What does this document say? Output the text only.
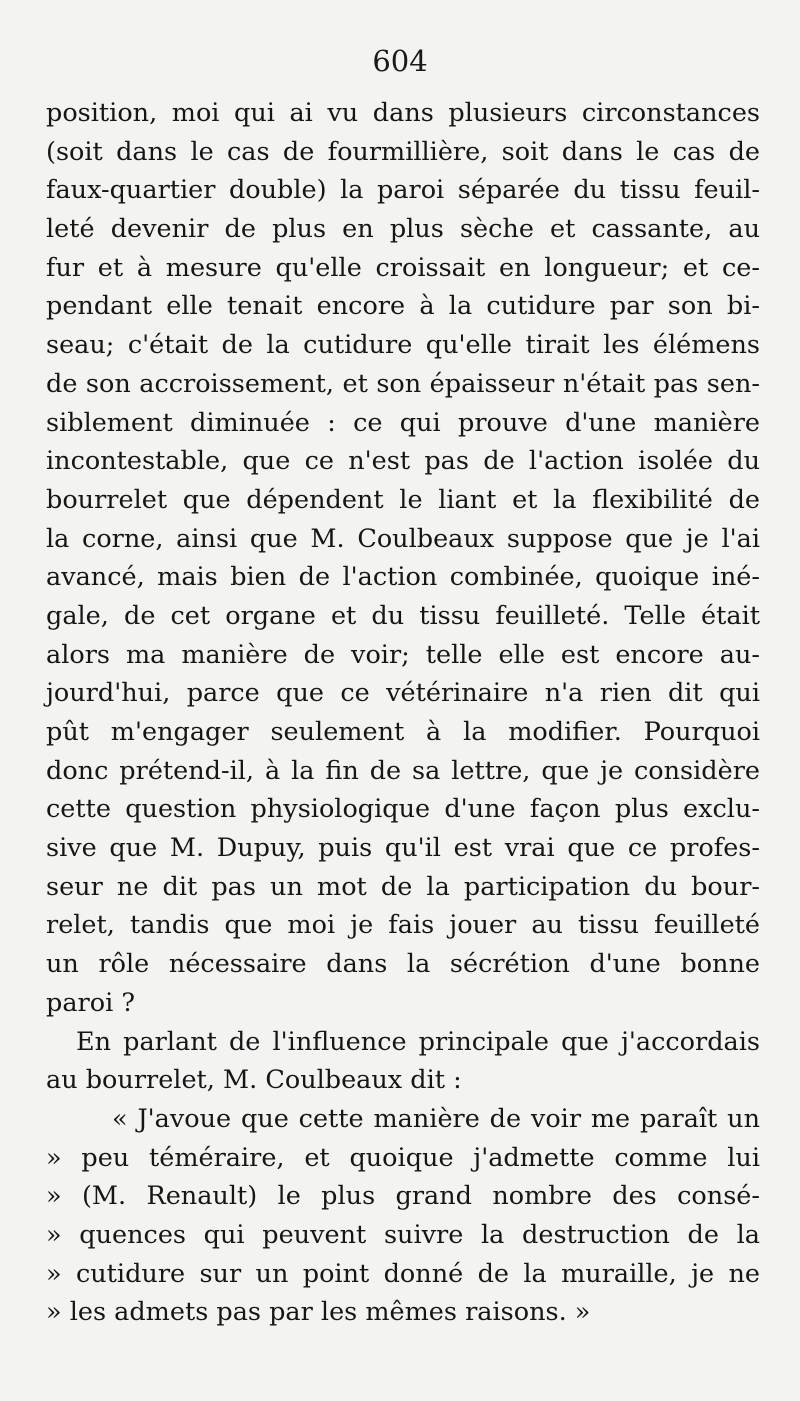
604
position, moi qui ai vu dans plusieurs circonstances
(soit dans le cas de fourmillière, soit dans le cas de
faux-quartier double) la paroi séparée du tissu feuil-
leté devenir de plus en plus sèche et cassante, au
fur et à mesure qu'elle croissait en longueur; et ce-
pendant elle tenait encore à la cutidure par son bi-
seau; c'était de la cutidure qu'elle tirait les élémens
de son accroissement, et son épaisseur n'était pas sen-
siblement diminuée : ce qui prouve d'une manière
incontestable, que ce n'est pas de l'action isolée du
bourrelet que dépendent le liant et la flexibilité de
la corne, ainsi que M. Coulbeaux suppose que je l'ai
avancé, mais bien de l'action combinée, quoique iné-
gale, de cet organe et du tissu feuilleté. Telle était
alors ma manière de voir; telle elle est encore au-
jourd'hui, parce que ce vétérinaire n'a rien dit qui
pût m'engager seulement à la modifier. Pourquoi
donc prétend-il, à la fin de sa lettre, que je considère
cette question physiologique d'une façon plus exclu-
sive que M. Dupuy, puis qu'il est vrai que ce profes-
seur ne dit pas un mot de la participation du bour-
relet, tandis que moi je fais jouer au tissu feuilleté
un rôle nécessaire dans la sécrétion d'une bonne
paroi ?
En parlant de l'influence principale que j'accordais
au bourrelet, M. Coulbeaux dit :
« J'avoue que cette manière de voir me paraît un
» peu téméraire, et quoique j'admette comme lui
» (M. Renault) le plus grand nombre des consé-
» quences qui peuvent suivre la destruction de la
» cutidure sur un point donné de la muraille, je ne
» les admets pas par les mêmes raisons. »
